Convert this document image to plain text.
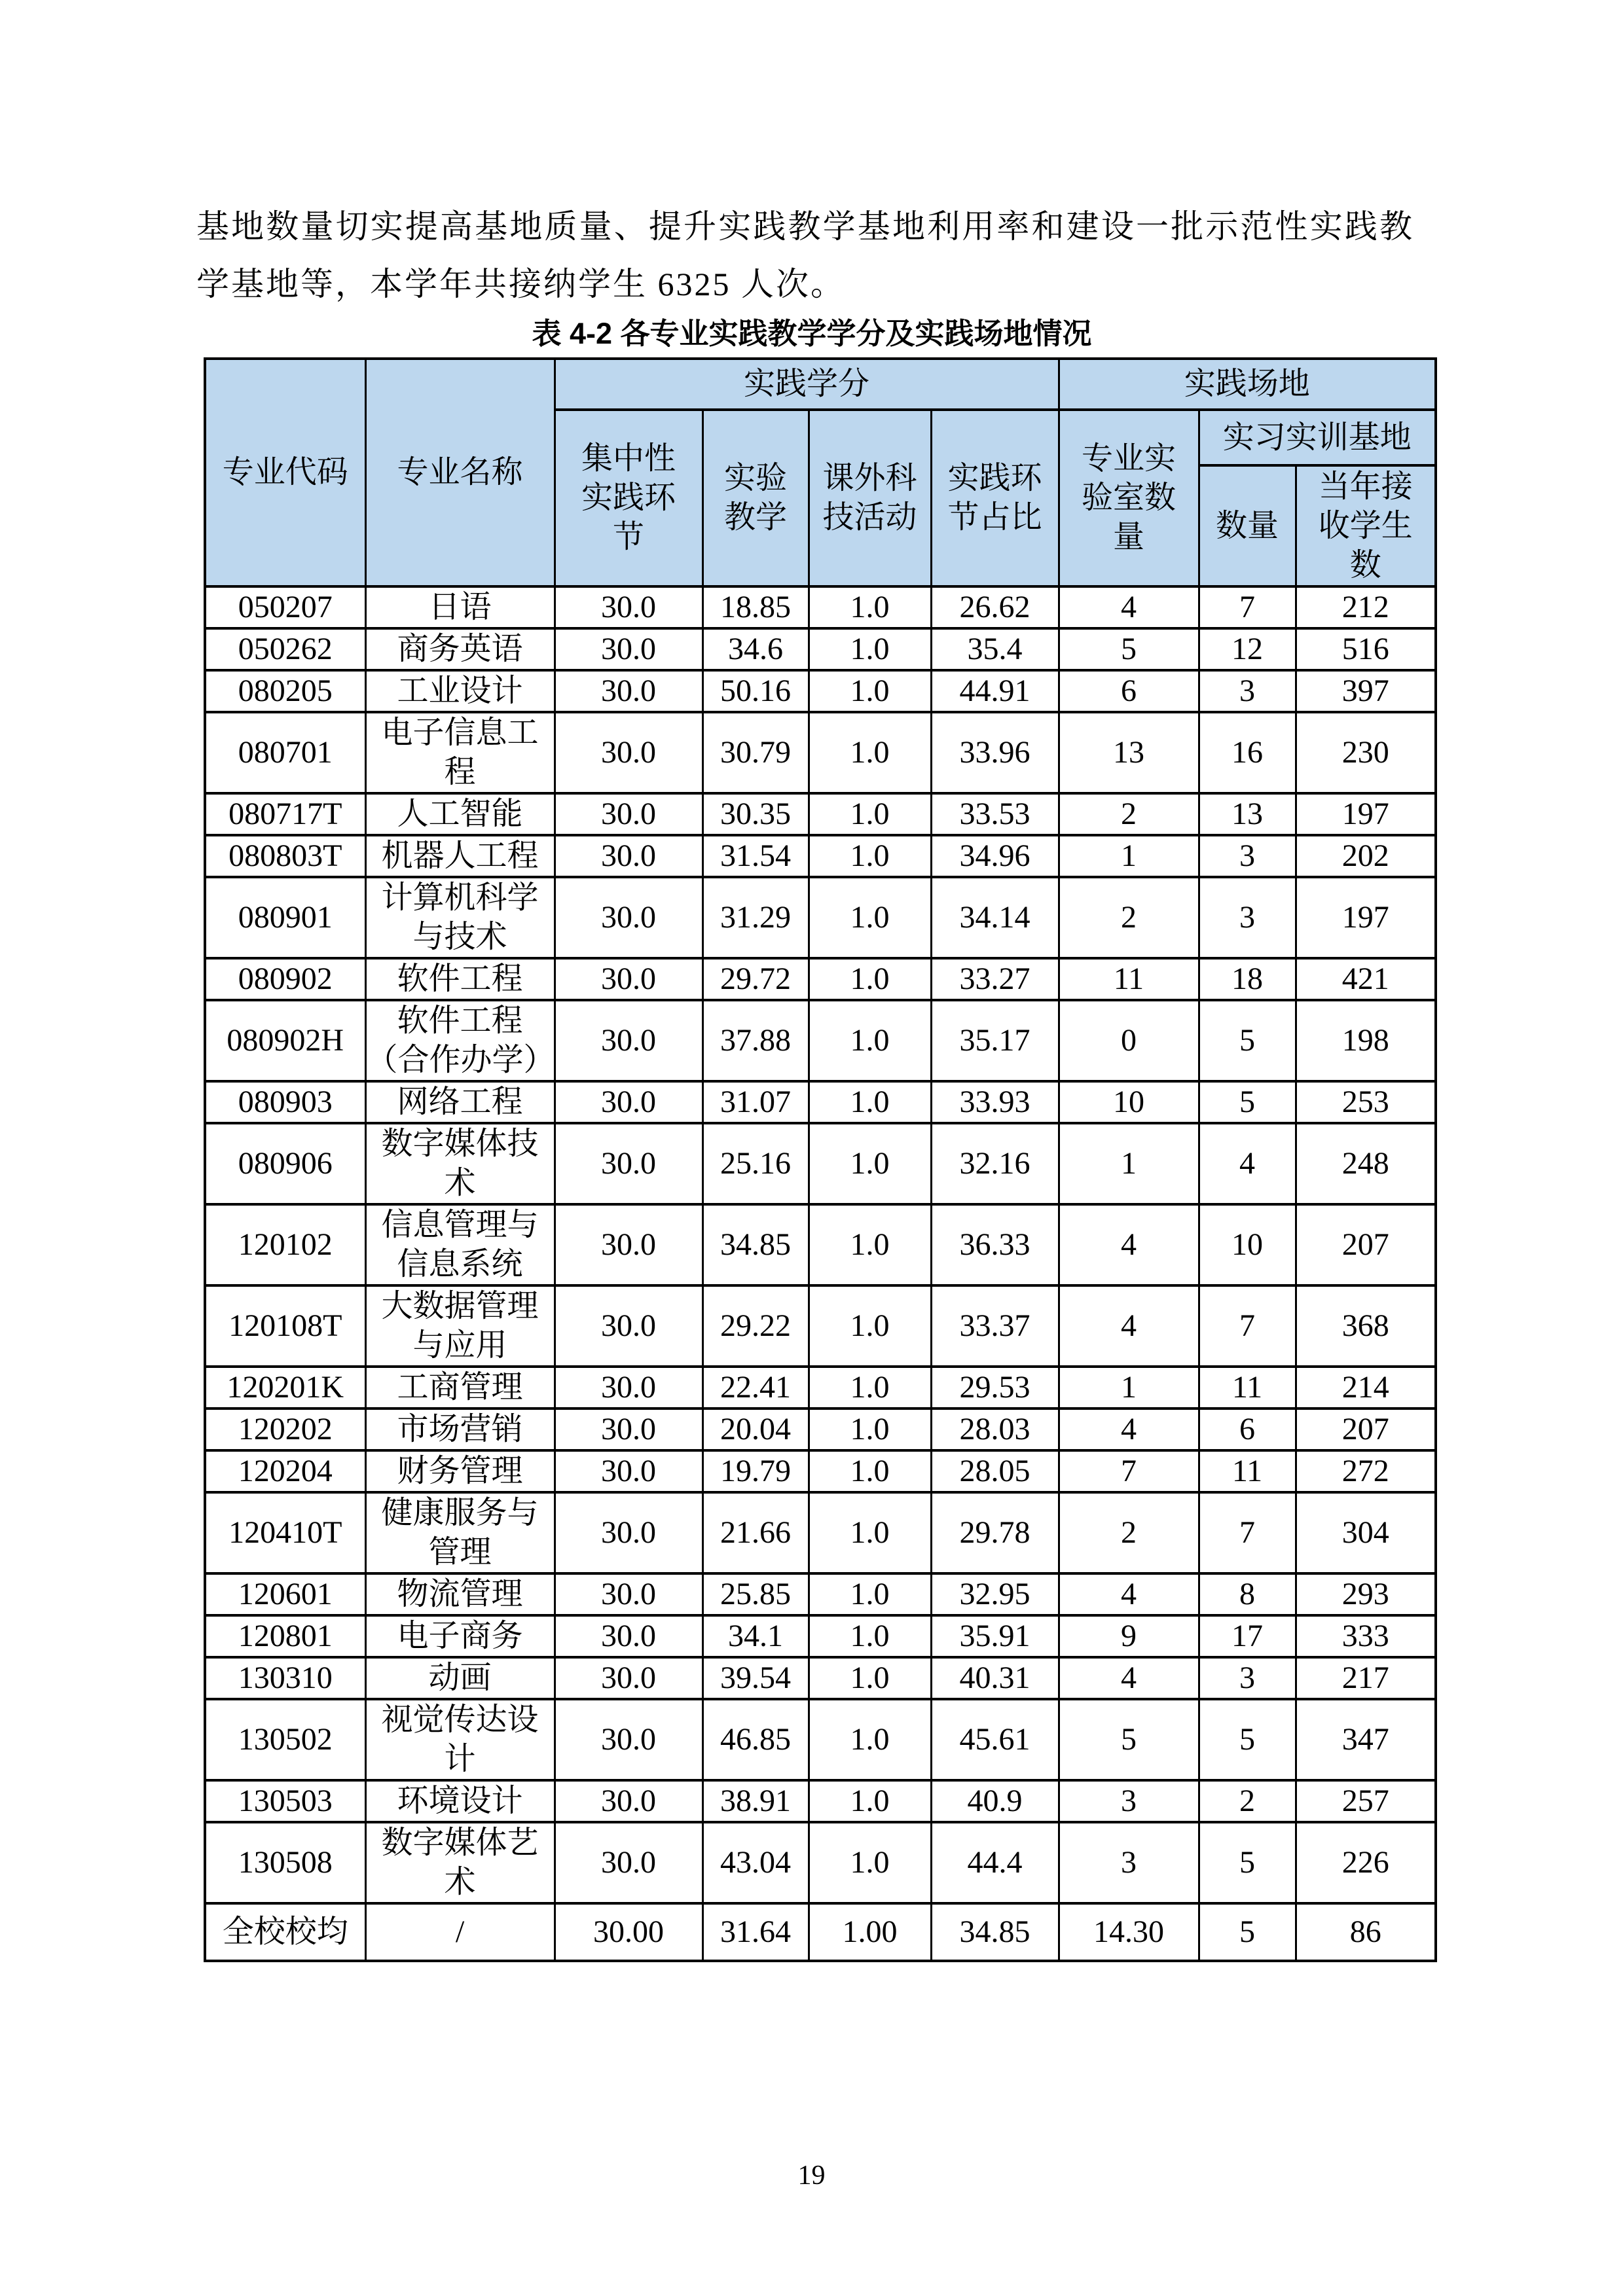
基地数量切实提高基地质量、提升实践教学基地利用率和建设一批示范性实践教学基地等，本学年共接纳学生 6325 人次。

表 4-2 各专业实践教学学分及实践场地情况
专业代码	专业名称	实践学分				实践场地		
		集中性实践环节	实验教学	课外科技活动	实践环节占比	专业实验室数量	实习实训基地	
							数量	当年接收学生数
050207	日语	30.0	18.85	1.0	26.62	4	7	212
050262	商务英语	30.0	34.6	1.0	35.4	5	12	516
080205	工业设计	30.0	50.16	1.0	44.91	6	3	397
080701	电子信息工程	30.0	30.79	1.0	33.96	13	16	230
080717T	人工智能	30.0	30.35	1.0	33.53	2	13	197
080803T	机器人工程	30.0	31.54	1.0	34.96	1	3	202
080901	计算机科学与技术	30.0	31.29	1.0	34.14	2	3	197
080902	软件工程	30.0	29.72	1.0	33.27	11	18	421
080902H	软件工程（合作办学）	30.0	37.88	1.0	35.17	0	5	198
080903	网络工程	30.0	31.07	1.0	33.93	10	5	253
080906	数字媒体技术	30.0	25.16	1.0	32.16	1	4	248
120102	信息管理与信息系统	30.0	34.85	1.0	36.33	4	10	207
120108T	大数据管理与应用	30.0	29.22	1.0	33.37	4	7	368
120201K	工商管理	30.0	22.41	1.0	29.53	1	11	214
120202	市场营销	30.0	20.04	1.0	28.03	4	6	207
120204	财务管理	30.0	19.79	1.0	28.05	7	11	272
120410T	健康服务与管理	30.0	21.66	1.0	29.78	2	7	304
120601	物流管理	30.0	25.85	1.0	32.95	4	8	293
120801	电子商务	30.0	34.1	1.0	35.91	9	17	333
130310	动画	30.0	39.54	1.0	40.31	4	3	217
130502	视觉传达设计	30.0	46.85	1.0	45.61	5	5	347
130503	环境设计	30.0	38.91	1.0	40.9	3	2	257
130508	数字媒体艺术	30.0	43.04	1.0	44.4	3	5	226
全校校均	/	30.00	31.64	1.00	34.85	14.30	5	86
19
